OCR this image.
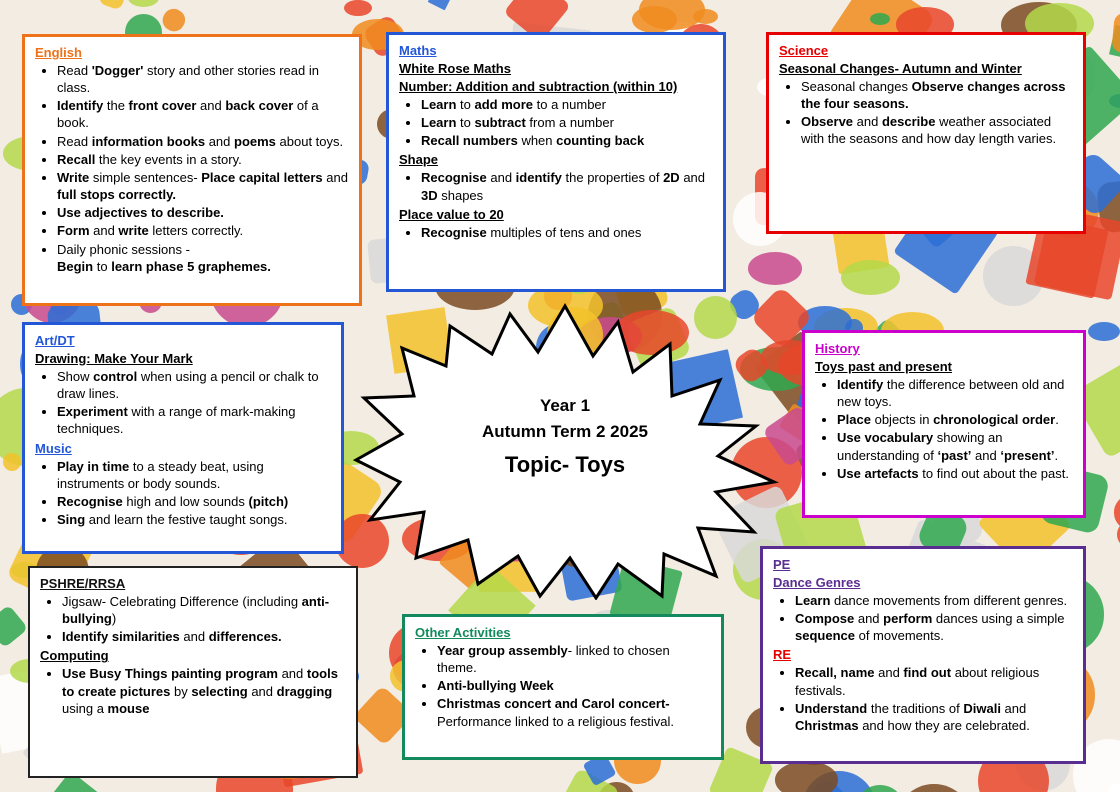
English
• Read 'Dogger' story and other stories read in class.
• Identify the front cover and back cover of a book.
• Read information books and poems about toys.
• Recall the key events in a story.
• Write simple sentences- Place capital letters and full stops correctly.
• Use adjectives to describe.
• Form and write letters correctly.
• Daily phonic sessions -
Begin to learn phase 5 graphemes.
Maths
White Rose Maths
Number: Addition and subtraction (within 10)
• Learn to add more to a number
• Learn to subtract from a number
• Recall numbers when counting back
Shape
• Recognise and identify the properties of 2D and 3D shapes
Place value to 20
• Recognise multiples of tens and ones
Science
Seasonal Changes- Autumn and Winter
• Seasonal changes Observe changes across the four seasons.
• Observe and describe weather associated with the seasons and how day length varies.
Art/DT
Drawing: Make Your Mark
• Show control when using a pencil or chalk to draw lines.
• Experiment with a range of mark-making techniques.
Music
• Play in time to a steady beat, using instruments or body sounds.
• Recognise high and low sounds (pitch)
• Sing and learn the festive taught songs.
History
Toys past and present
• Identify the difference between old and new toys.
• Place objects in chronological order.
• Use vocabulary showing an understanding of ‘past’ and ‘present’.
• Use artefacts to find out about the past.
PSHRE/RRSA
• Jigsaw- Celebrating Difference (including anti-bullying)
• Identify similarities and differences.
Computing
• Use Busy Things painting program and tools to create pictures by selecting and dragging using a mouse
Other Activities
• Year group assembly- linked to chosen theme.
• Anti-bullying Week
• Christmas concert and Carol concert- Performance linked to a religious festival.
PE
Dance Genres
• Learn dance movements from different genres.
• Compose and perform dances using a simple sequence of movements.
RE
• Recall, name and find out about religious festivals.
• Understand the traditions of Diwali and Christmas and how they are celebrated.
Year 1
Autumn Term 2 2025
Topic- Toys
